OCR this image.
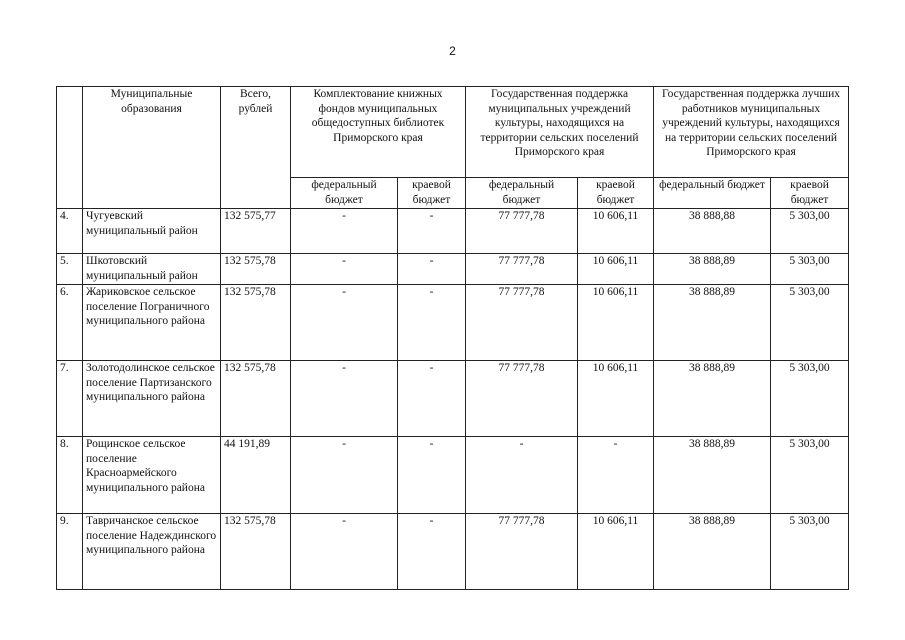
2
	Муниципальные образования	Всего, рублей	Комплектование книжных фондов муниципальных общедоступных библиотек Приморского края		Государственная поддержка муниципальных учреждений культуры, находящихся на территории сельских поселений Приморского края		Государственная поддержка лучших работников муниципальных учреждений культуры, находящихся на территории сельских поселений Приморского края	
			федеральный бюджет	краевой бюджет	федеральный бюджет	краевой бюджет	федеральный бюджет	краевой бюджет
4.	Чугуевский муниципальный район	132 575,77	-	-	77 777,78	10 606,11	38 888,88	5 303,00
5.	Шкотовский муниципальный район	132 575,78	-	-	77 777,78	10 606,11	38 888,89	5 303,00
6.	Жариковское сельское поселение Пограничного муниципального района	132 575,78	-	-	77 777,78	10 606,11	38 888,89	5 303,00
7.	Золотодолинское сельское поселение Партизанского муниципального района	132 575,78	-	-	77 777,78	10 606,11	38 888,89	5 303,00
8.	Рощинское сельское поселение Красноармейского муниципального района	44 191,89	-	-	-	-	38 888,89	5 303,00
9.	Тавричанское сельское поселение Надеждинского муниципального района	132 575,78	-	-	77 777,78	10 606,11	38 888,89	5 303,00
